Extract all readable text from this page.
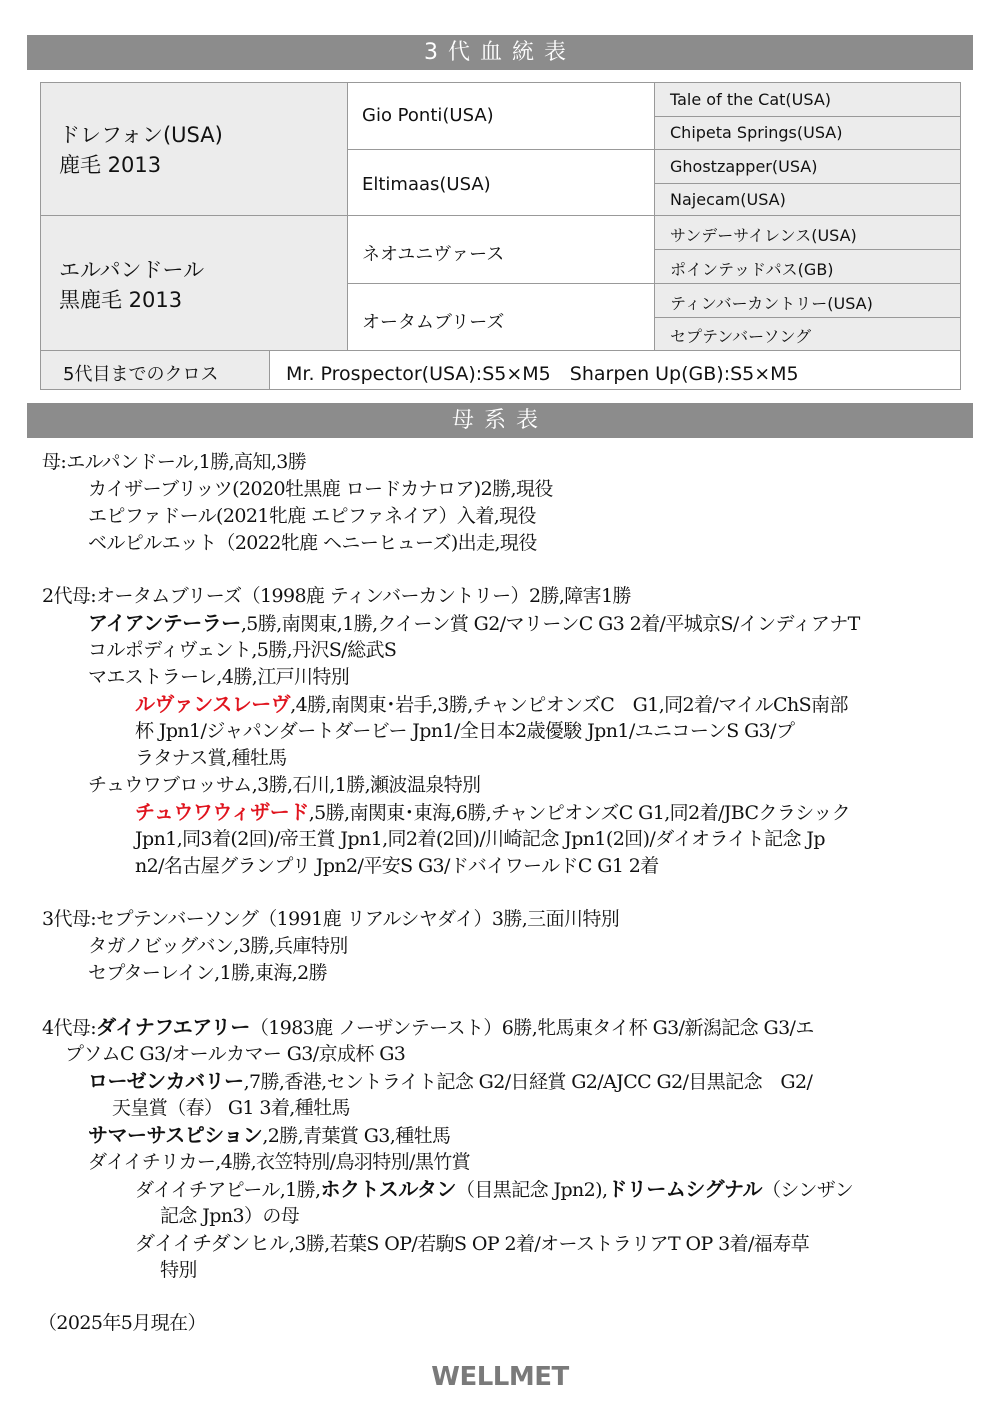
3代血統表
ドレフォン(USA)
鹿毛 2013
エルパンドール
黒鹿毛 2013
Gio Ponti(USA)
Eltimaas(USA)
ネオユニヴァース
オータムブリーズ
Tale of the Cat(USA)
Chipeta Springs(USA)
Ghostzapper(USA)
Najecam(USA)
サンデーサイレンス(USA)
ポインテッドパス(GB)
ティンバーカントリー(USA)
セプテンバーソング
5代目までのクロス	Mr. Prospector(USA):S5×M5　Sharpen Up(GB):S5×M5
母系表
母:エルパンドール,1勝,高知,3勝
カイザーブリッツ(2020牡黒鹿 ロードカナロア)2勝,現役
エピファドール(2021牝鹿 エピファネイア）入着,現役
ベルピルエット（2022牝鹿 ヘニーヒューズ)出走,現役
2代母:オータムブリーズ（1998鹿 ティンバーカントリー）2勝,障害1勝
アイアンテーラー,5勝,南関東,1勝,クイーン賞 G2/マリーンC G3 2着/平城京S/インディアナT
コルポディヴェント,5勝,丹沢S/総武S
マエストラーレ,4勝,江戸川特別
ルヴァンスレーヴ,4勝,南関東･岩手,3勝,チャンピオンズC　G1,同2着/マイルChS南部
杯 Jpn1/ジャパンダートダービー Jpn1/全日本2歳優駿 Jpn1/ユニコーンS G3/プ
ラタナス賞,種牡馬
チュウワブロッサム,3勝,石川,1勝,瀬波温泉特別
チュウワウィザード,5勝,南関東･東海,6勝,チャンピオンズC G1,同2着/JBCクラシック
Jpn1,同3着(2回)/帝王賞 Jpn1,同2着(2回)/川崎記念 Jpn1(2回)/ダイオライト記念 Jp
n2/名古屋グランプリ Jpn2/平安S G3/ドバイワールドC G1 2着
3代母:セプテンバーソング（1991鹿 リアルシヤダイ）3勝,三面川特別
タガノビッグバン,3勝,兵庫特別
セプターレイン,1勝,東海,2勝
4代母:ダイナフエアリー（1983鹿 ノーザンテースト）6勝,牝馬東タイ杯 G3/新潟記念 G3/エ
プソムC G3/オールカマー G3/京成杯 G3
ローゼンカバリー,7勝,香港,セントライト記念 G2/日経賞 G2/AJCC G2/目黒記念　G2/
天皇賞（春） G1 3着,種牡馬
サマーサスピション,2勝,青葉賞 G3,種牡馬
ダイイチリカー,4勝,衣笠特別/鳥羽特別/黒竹賞
ダイイチアピール,1勝,ホクトスルタン（目黒記念 Jpn2),ドリームシグナル（シンザン
記念 Jpn3）の母
ダイイチダンヒル,3勝,若葉S OP/若駒S OP 2着/オーストラリアT OP 3着/福寿草
特別
（2025年5月現在）
WELLMET
